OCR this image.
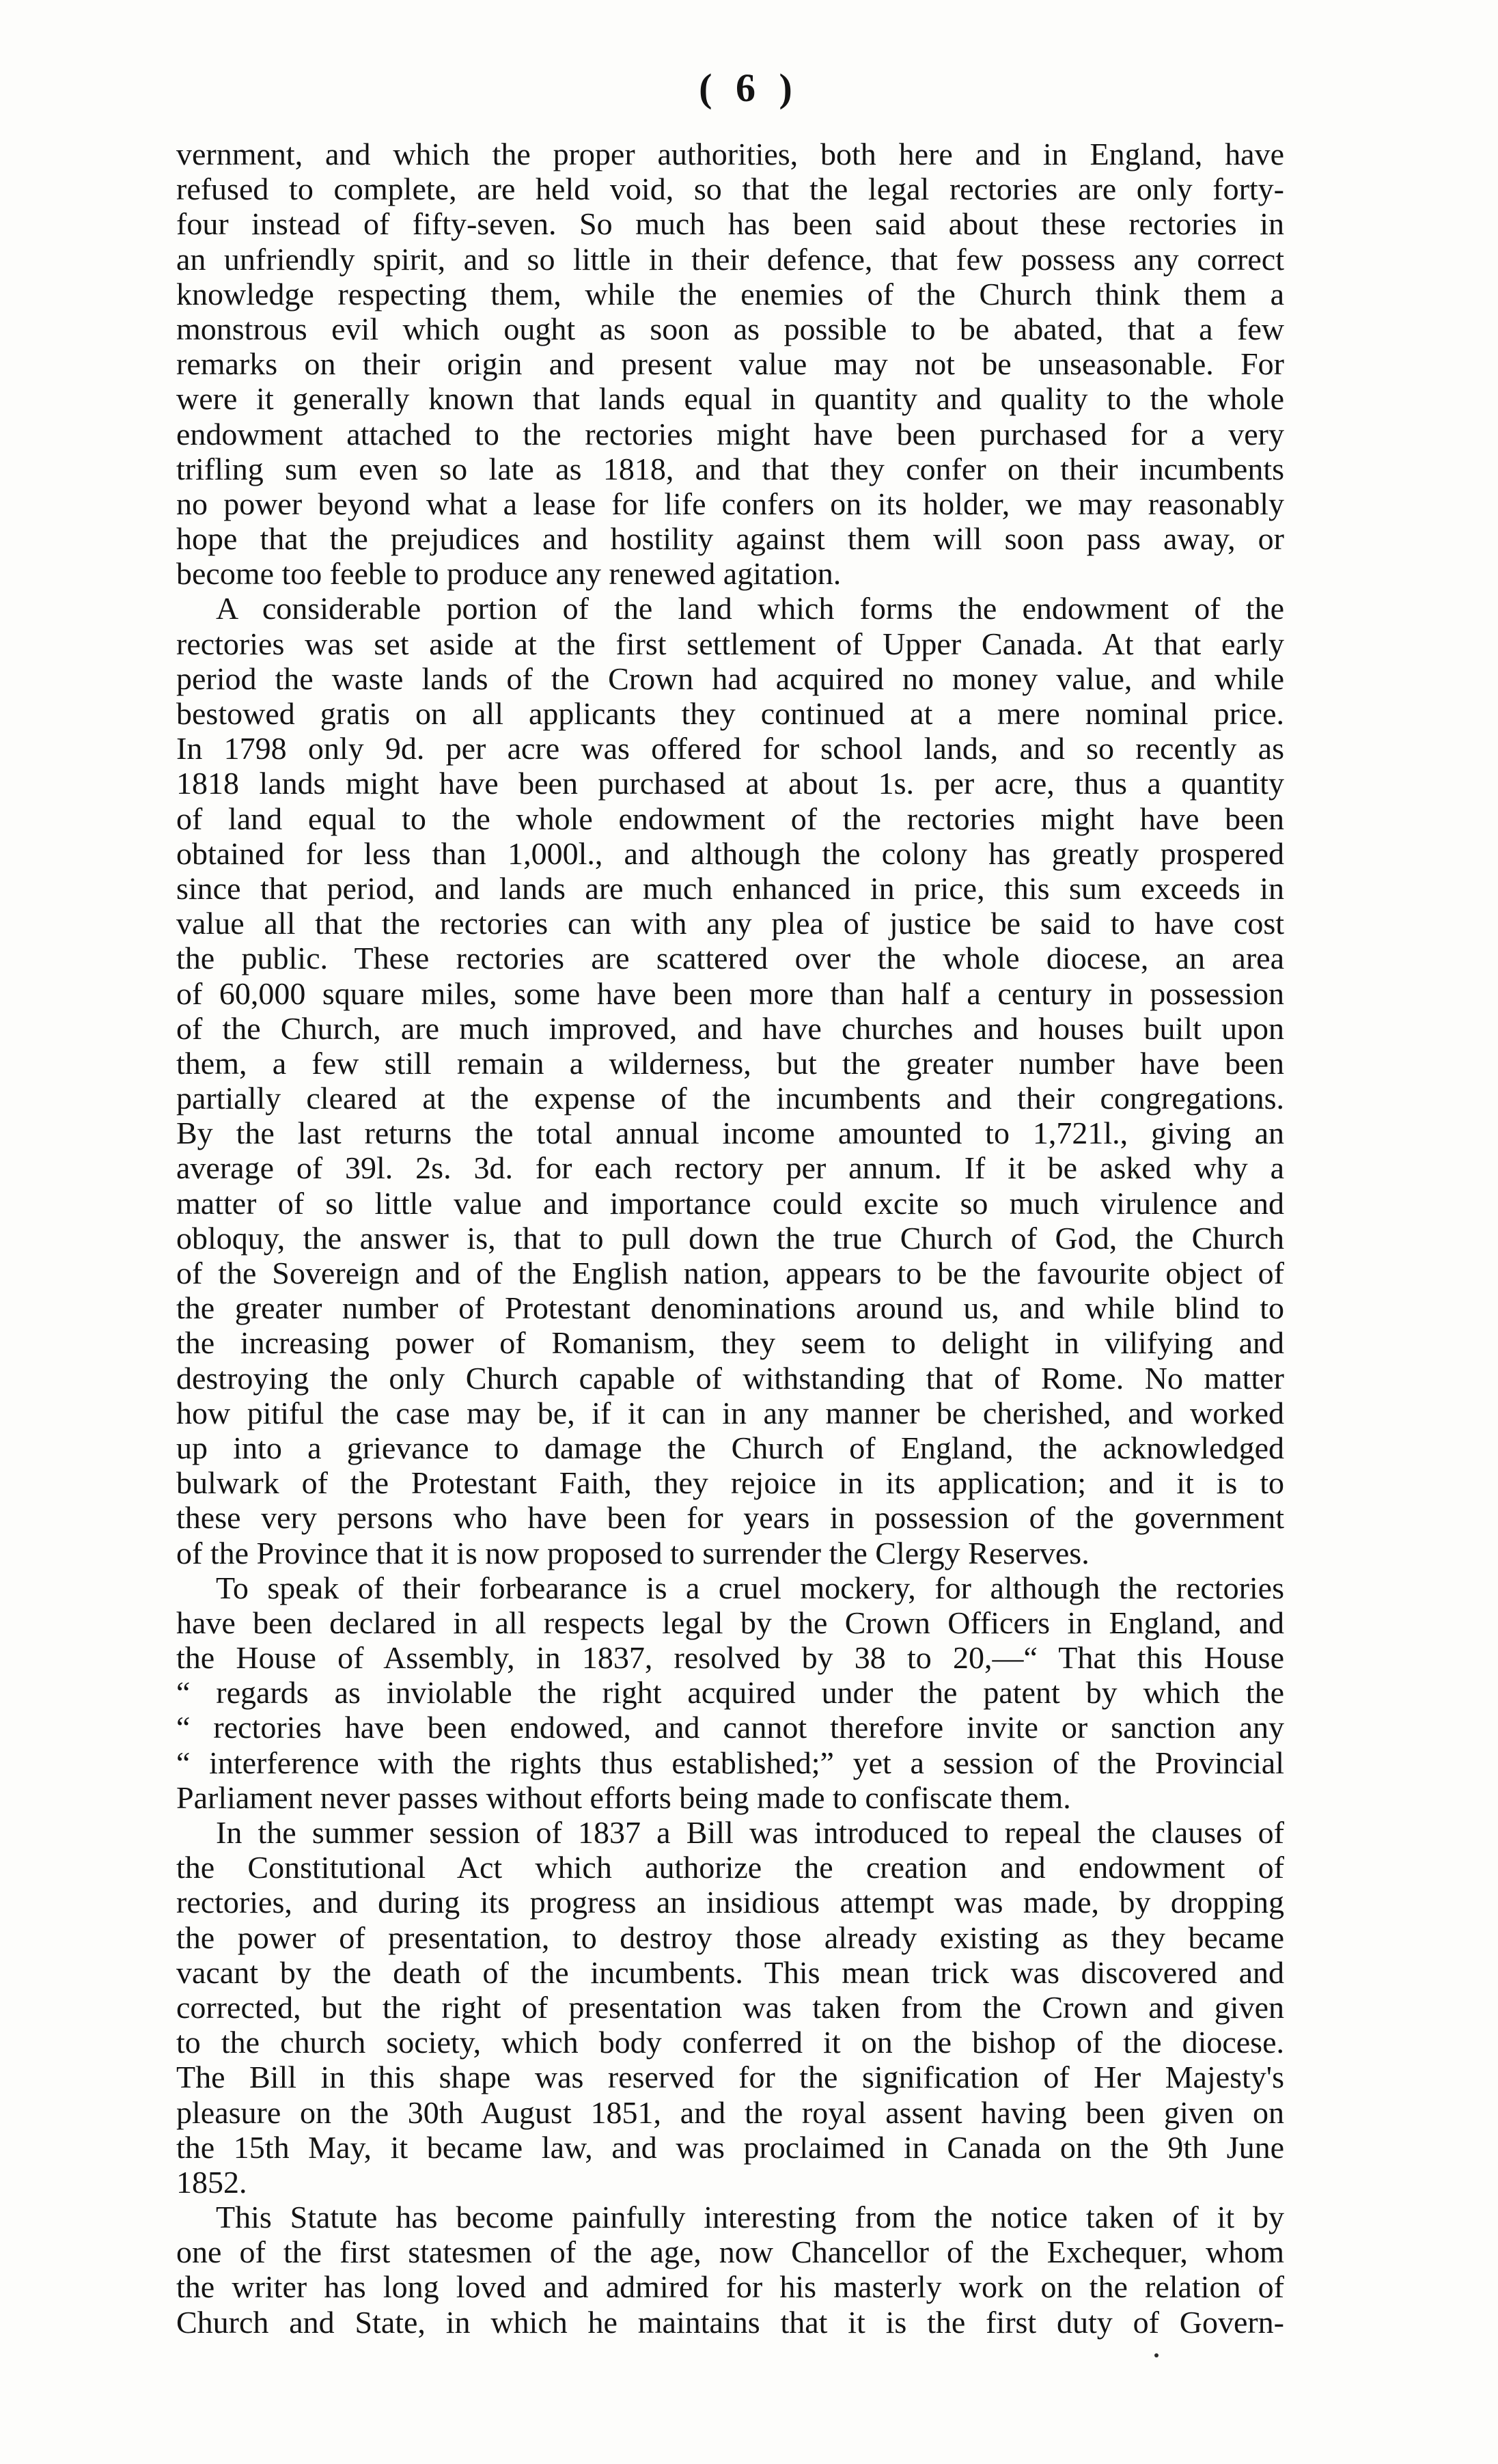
( 6 )
vernment, and which the proper authorities, both here and in England, have
refused to complete, are held void, so that the legal rectories are only forty-
four instead of fifty-seven. So much has been said about these rectories in
an unfriendly spirit, and so little in their defence, that few possess any correct
knowledge respecting them, while the enemies of the Church think them a
monstrous evil which ought as soon as possible to be abated, that a few
remarks on their origin and present value may not be unseasonable. For
were it generally known that lands equal in quantity and quality to the whole
endowment attached to the rectories might have been purchased for a very
trifling sum even so late as 1818, and that they confer on their incumbents
no power beyond what a lease for life confers on its holder, we may reasonably
hope that the prejudices and hostility against them will soon pass away, or
become too feeble to produce any renewed agitation.
A considerable portion of the land which forms the endowment of the
rectories was set aside at the first settlement of Upper Canada. At that early
period the waste lands of the Crown had acquired no money value, and while
bestowed gratis on all applicants they continued at a mere nominal price.
In 1798 only 9d. per acre was offered for school lands, and so recently as
1818 lands might have been purchased at about 1s. per acre, thus a quantity
of land equal to the whole endowment of the rectories might have been
obtained for less than 1,000l., and although the colony has greatly prospered
since that period, and lands are much enhanced in price, this sum exceeds in
value all that the rectories can with any plea of justice be said to have cost
the public. These rectories are scattered over the whole diocese, an area
of 60,000 square miles, some have been more than half a century in possession
of the Church, are much improved, and have churches and houses built upon
them, a few still remain a wilderness, but the greater number have been
partially cleared at the expense of the incumbents and their congregations.
By the last returns the total annual income amounted to 1,721l., giving an
average of 39l. 2s. 3d. for each rectory per annum. If it be asked why a
matter of so little value and importance could excite so much virulence and
obloquy, the answer is, that to pull down the true Church of God, the Church
of the Sovereign and of the English nation, appears to be the favourite object of
the greater number of Protestant denominations around us, and while blind to
the increasing power of Romanism, they seem to delight in vilifying and
destroying the only Church capable of withstanding that of Rome. No matter
how pitiful the case may be, if it can in any manner be cherished, and worked
up into a grievance to damage the Church of England, the acknowledged
bulwark of the Protestant Faith, they rejoice in its application; and it is to
these very persons who have been for years in possession of the government
of the Province that it is now proposed to surrender the Clergy Reserves.
To speak of their forbearance is a cruel mockery, for although the rectories
have been declared in all respects legal by the Crown Officers in England, and
the House of Assembly, in 1837, resolved by 38 to 20,—“ That this House
“ regards as inviolable the right acquired under the patent by which the
“ rectories have been endowed, and cannot therefore invite or sanction any
“ interference with the rights thus established;” yet a session of the Provincial
Parliament never passes without efforts being made to confiscate them.
In the summer session of 1837 a Bill was introduced to repeal the clauses of
the Constitutional Act which authorize the creation and endowment of
rectories, and during its progress an insidious attempt was made, by dropping
the power of presentation, to destroy those already existing as they became
vacant by the death of the incumbents. This mean trick was discovered and
corrected, but the right of presentation was taken from the Crown and given
to the church society, which body conferred it on the bishop of the diocese.
The Bill in this shape was reserved for the signification of Her Majesty's
pleasure on the 30th August 1851, and the royal assent having been given on
the 15th May, it became law, and was proclaimed in Canada on the 9th June
1852.
This Statute has become painfully interesting from the notice taken of it by
one of the first statesmen of the age, now Chancellor of the Exchequer, whom
the writer has long loved and admired for his masterly work on the relation of
Church and State, in which he maintains that it is the first duty of Govern-
